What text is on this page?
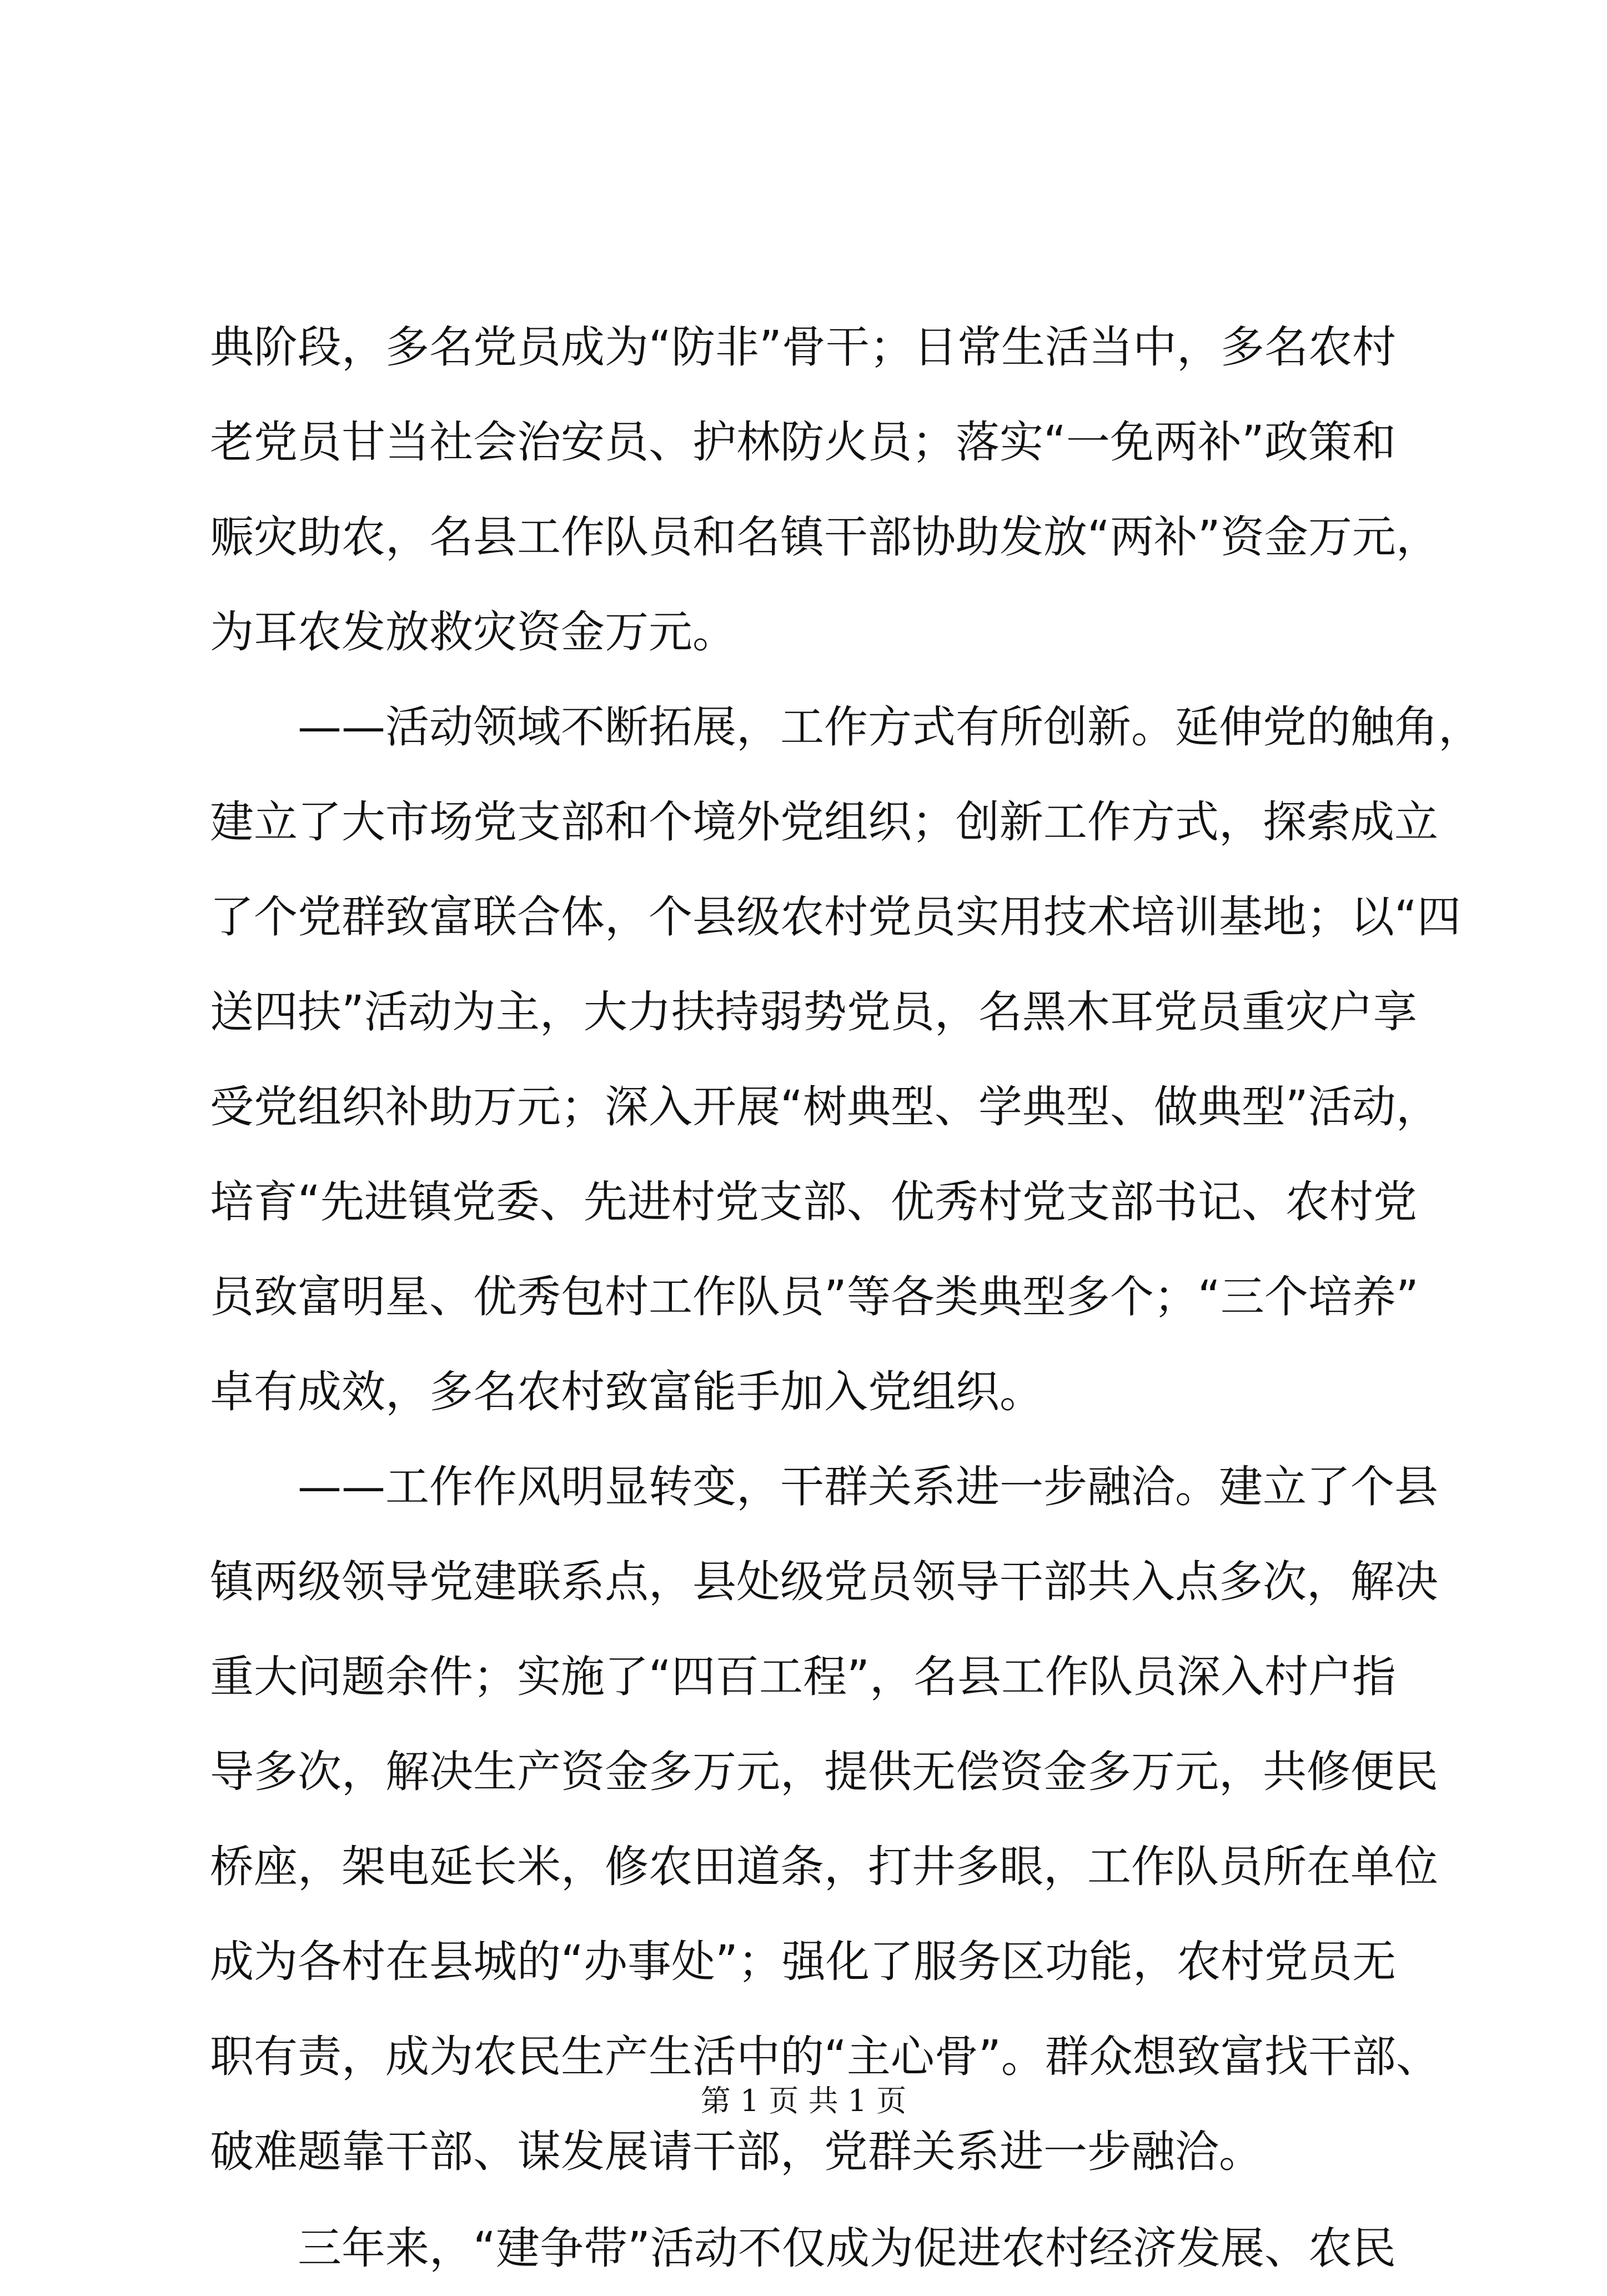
典阶段，多名党员成为“防非”骨干；日常生活当中，多名农村
老党员甘当社会治安员、护林防火员；落实“一免两补”政策和
赈灾助农，名县工作队员和名镇干部协助发放“两补”资金万元，
为耳农发放救灾资金万元。
——活动领域不断拓展，工作方式有所创新。延伸党的触角，
建立了大市场党支部和个境外党组织；创新工作方式，探索成立
了个党群致富联合体，个县级农村党员实用技术培训基地；以“四
送四扶”活动为主，大力扶持弱势党员，名黑木耳党员重灾户享
受党组织补助万元；深入开展“树典型、学典型、做典型”活动，
培育“先进镇党委、先进村党支部、优秀村党支部书记、农村党
员致富明星、优秀包村工作队员”等各类典型多个；“三个培养”
卓有成效，多名农村致富能手加入党组织。
——工作作风明显转变，干群关系进一步融洽。建立了个县
镇两级领导党建联系点，县处级党员领导干部共入点多次，解决
重大问题余件；实施了“四百工程”，名县工作队员深入村户指
导多次，解决生产资金多万元，提供无偿资金多万元，共修便民
桥座，架电延长米，修农田道条，打井多眼，工作队员所在单位
成为各村在县城的“办事处”；强化了服务区功能，农村党员无
职有责，成为农民生产生活中的“主心骨”。群众想致富找干部、
破难题靠干部、谋发展请干部，党群关系进一步融洽。
三年来，“建争带”活动不仅成为促进农村经济发展、农民
第 1 页 共 1 页
